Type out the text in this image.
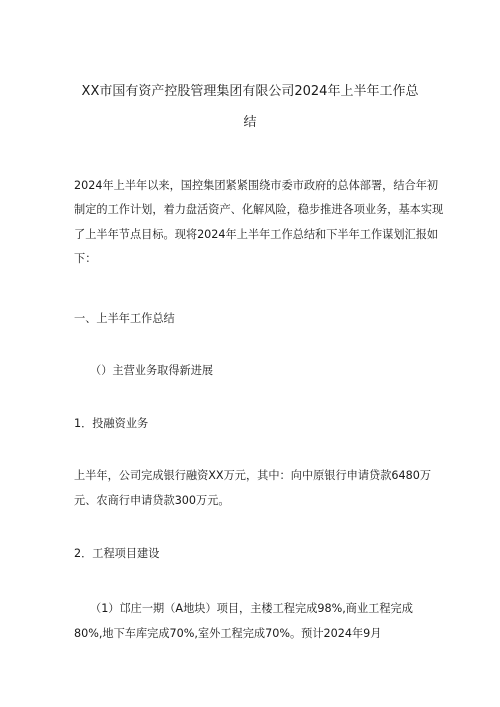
XX市国有资产控股管理集团有限公司2024年上半年工作总
结
2024年上半年以来，国控集团紧紧围绕市委市政府的总体部署，结合年初
制定的工作计划，着力盘活资产、化解风险，稳步推进各项业务，基本实现
了上半年节点目标。现将2024年上半年工作总结和下半年工作谋划汇报如
下：
一、上半年工作总结
（）主营业务取得新进展
1．投融资业务
上半年，公司完成银行融资XX万元，其中：向中原银行申请贷款6480万
元、农商行申请贷款300万元。
2．工程项目建设
（1）邙庄一期（A地块）项目，主楼工程完成98%,商业工程完成
80%,地下车库完成70%,室外工程完成70%。预计2024年9月
